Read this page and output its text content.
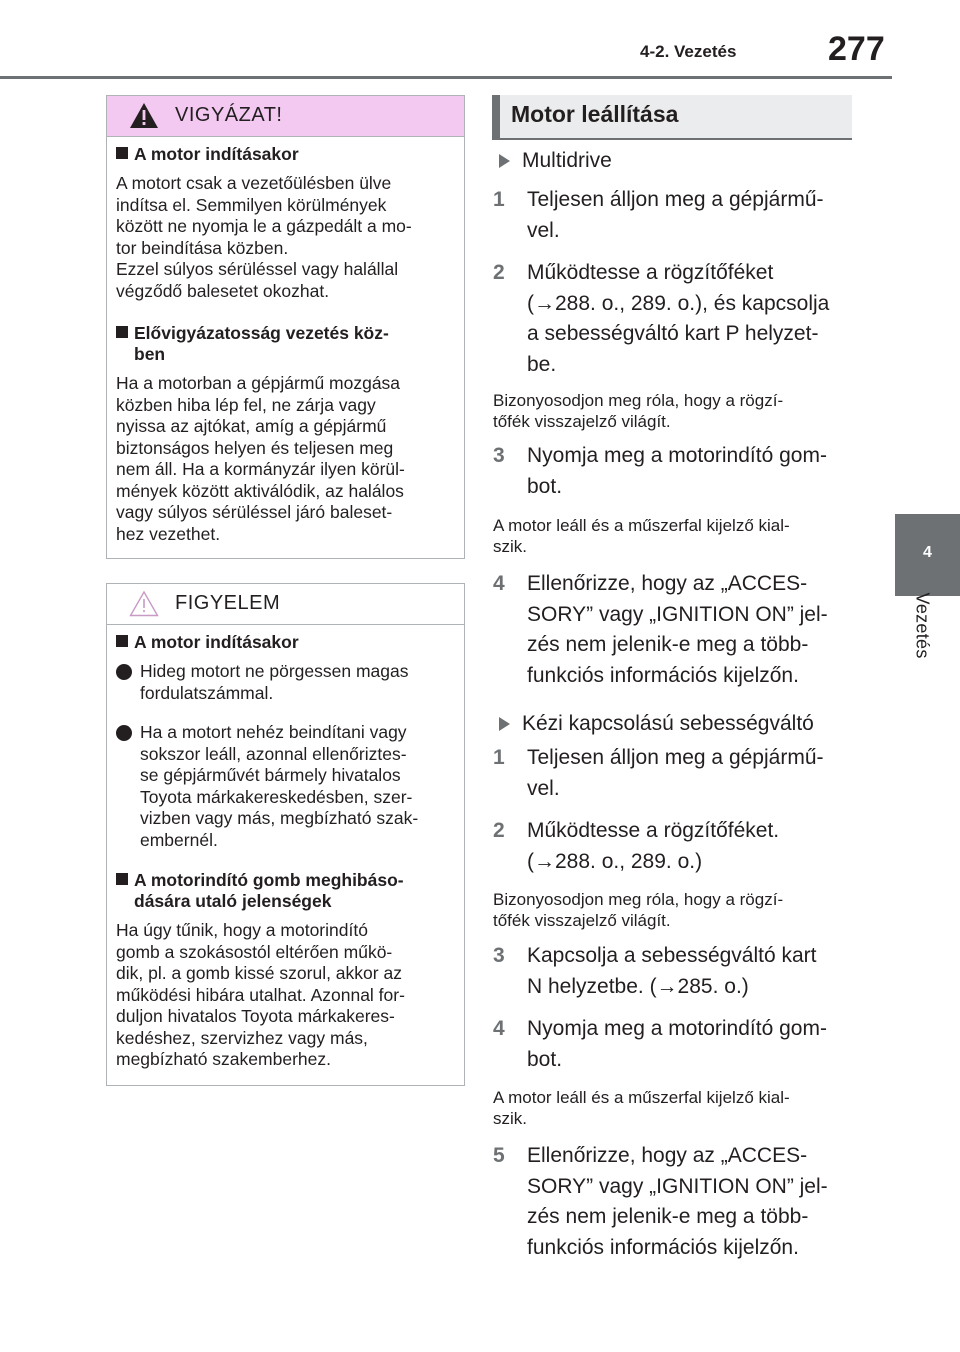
4-2. Vezetés	277
4
Vezetés
VIGYÁZAT!
A motor indításakor
A motort csak a vezetőülésben ülve
indítsa el. Semmilyen körülmények
között ne nyomja le a gázpedált a mo-
tor beindítása közben.
Ezzel súlyos sérüléssel vagy halállal
végződő balesetet okozhat.
Elővigyázatosság vezetés köz-
ben
Ha a motorban a gépjármű mozgása
közben hiba lép fel, ne zárja vagy
nyissa az ajtókat, amíg a gépjármű
biztonságos helyen és teljesen meg
nem áll. Ha a kormányzár ilyen körül-
mények között aktiválódik, az halálos
vagy súlyos sérüléssel járó baleset-
hez vezethet.
FIGYELEM
A motor indításakor
Hideg motort ne pörgessen magas
fordulatszámmal.
Ha a motort nehéz beindítani vagy
sokszor leáll, azonnal ellenőriztes-
se gépjárművét bármely hivatalos
Toyota márkakereskedésben, szer-
vizben vagy más, megbízható szak-
embernél.
A motorindító gomb meghibáso-
dására utaló jelenségek
Ha úgy tűnik, hogy a motorindító
gomb a szokásostól eltérően műkö-
dik, pl. a gomb kissé szorul, akkor az
működési hibára utalhat. Azonnal for-
duljon hivatalos Toyota márkakeres-
kedéshez, szervizhez vagy más,
megbízható szakemberhez.
Motor leállítása
Multidrive
1 Teljesen álljon meg a gépjármű-
vel.
2 Működtesse a rögzítőféket
(→288. o., 289. o.), és kapcsolja
a sebességváltó kart P helyzet-
be.
Bizonyosodjon meg róla, hogy a rögzí-
tőfék visszajelző világít.
3 Nyomja meg a motorindító gom-
bot.
A motor leáll és a műszerfal kijelző kial-
szik.
4 Ellenőrizze, hogy az „ACCES-
SORY” vagy „IGNITION ON” jel-
zés nem jelenik-e meg a több-
funkciós információs kijelzőn.
Kézi kapcsolású sebességváltó
1 Teljesen álljon meg a gépjármű-
vel.
2 Működtesse a rögzítőféket.
(→288. o., 289. o.)
Bizonyosodjon meg róla, hogy a rögzí-
tőfék visszajelző világít.
3 Kapcsolja a sebességváltó kart
N helyzetbe. (→285. o.)
4 Nyomja meg a motorindító gom-
bot.
A motor leáll és a műszerfal kijelző kial-
szik.
5 Ellenőrizze, hogy az „ACCES-
SORY” vagy „IGNITION ON” jel-
zés nem jelenik-e meg a több-
funkciós információs kijelzőn.
